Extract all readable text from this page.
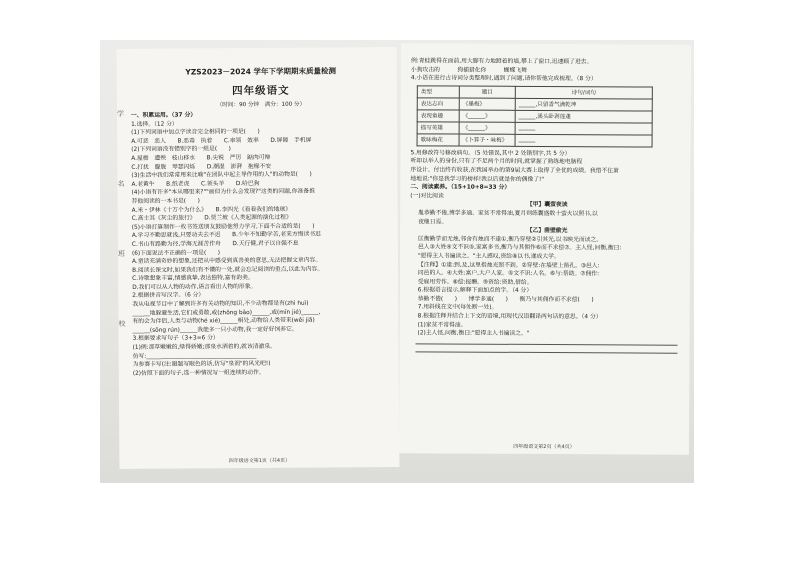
学
名
班
校
YZS2023－2024 学年下学期期末质量检测
四年级语文
（时间：90 分钟　满分：100 分）
一、积累运用。（37 分）
1.选择。（12 分）
(1)下列词语中加点字读音完全相同的一项是(　　)
A.可恶　恶人　　B.恶毒　执着　　C.率领　效率　　D.屏障　手机屏
(2)下列词语没有错别字的一组是(　　)
A.屋檐　遭殃　枝山移水　　B.尖锐　严厉　踮肉可辩
C.打扰　朦胧　琴瑟闪烁　　D.潮湿　澎湃　抱椽不安
(3)生活中我们常常用来比喻"在团队中起主导作用的人"的动物是(　　)
A.老黄牛　　B.纸老虎　　C.领头羊　　D.哈巴狗
(4)小语有许多"本从哪里来?""画似为什么会发现?"这类的问题,你准备推
荐他阅读的一本书是(　　)
A.米・伊林《十万个为什么》　　B.李四光《看看我们的地球》
C.高士其《灰尘的旅行》　　D.贾兰坡《人类起源的演化过程》
(5)小语打算制作一枚书签送朋友鼓励他努力学习,下面不合适的是(　　)
A.学习不勤思就浅,只要功夫去不迟　　B.少年不知勤学苦,老来方悔读书迟
C.书山有路勤为径,学海无涯苦作舟　　D.天行健,君子以自强不息
(6)下面说法不正确的一项是(　　)
A.童话充满奇妙的想象,还把从中感受到真善美的意思,无法把握文章内容。
B.阅读长课文时,如果我们有不懂的一处,就会忘记阅读的重点,以此为内容。
C.诗歌想象丰富,情感真挚,表达独特,富有韵美。
D.我们可以从人物的动作,语言看出人物的形象。
2.根据拼音写汉字。（6 分）
我从电视节目中了解到许多有关动物的知识,不少动物都是有(zhì huì)
______地躲避生活,它们或勇敢,或(zhōng bǎo)______,或(mǐn jié)______,
有的会为伴侣,人类与动物(hé xié)______相处,动物给人类带来(wěi jiā)
______(sǒng rún)______我能多一只小动物,我一定好好饲养它。
3.根据要求写句子（3+3=6 分）
(1)例:那草嫩嫩的,绿得娇嫩;那泉水洒着的,就该清澈泉。
仿写:______________________________________
为参赛卡写(注:避题写眼色的话,仿写"泉润"的风光吧!)
(2)仿照下面的句子,选一种情况写一组连续的动作。
四年级语文第1页（共4页）
例:青蛙跳得在面前,用大脚有力地蹬着的墙,攀上了窗口,迅速顾了进去。
小狗攻击的　　　狗捕猎化你　　　蝴蝶飞舞
4.小语在进行古诗词分类整理时,遇到了问题,请你帮他完成梳理。（8 分）
类型	题目	诗句/词句
表达志向	《墨梅》	______,只留香气满乾坤
表现童趣	《______》	______,溪头卧剥莲蓬
描写英雄	《______》	______
歌咏梅花	《卜算子・咏梅》	______
5.用修改符号修改病句。（5 处错误,其中 2 处错别字,共 5 分）
听却以举人的身份,只有了不足两个月的时间,就掌握了熟练地电脑程
序设计。付出终有收获,在我国举办的第9届大赛上取得了全优的成绩。我惜不住萧
地地说:"你是我学习的榜样!我以后就是你的偶像了!"
二、阅读素养。（15+10+8=33 分）
(一)对比阅读
【甲】囊萤夜读
胤恭勤不倦,博学多通。家贫不常得油,夏月则练囊盛数十萤火以照书,以
夜继日焉。
【乙】凿壁偷光
匡衡勤学而无烛,邻舍有烛而不逮①,衡乃穿壁②引其光,以书映光而读之。
邑人③大姓④文不识⑤,家富多书,衡乃与其佣作⑥而不求偿⑦。主人怪,问衡,衡曰:
"愿得主人书遍读之。"主人感叹,资给⑧以书,遂成大学。
【注释】①逮:到,及,这里指烛光照不到。②穿壁:在墙壁上凿孔。③邑人:
同邑的人。④大姓:富户,大户人家。⑤文不识:人名。⑥与:帮助。⑦佣作:
受雇用劳作。⑧偿:报酬。⑨资给:资助,借给。
6.根据语言提示,解释下面加点的字。（4 分）
恭勤不倦(　　)　　博学多通(　　)　　衡乃与其佣作而不求偿(　　)
7.用斜线在文中(每处断一处)。
8.根据注释并结合上下文的语境,用现代汉语翻译两句话的意思。（4 分）
(1)家贫不常得油。
(2)主人怪,问衡,衡曰:"愿得主人书遍读之。"
四年级语文第2页（共4页）
